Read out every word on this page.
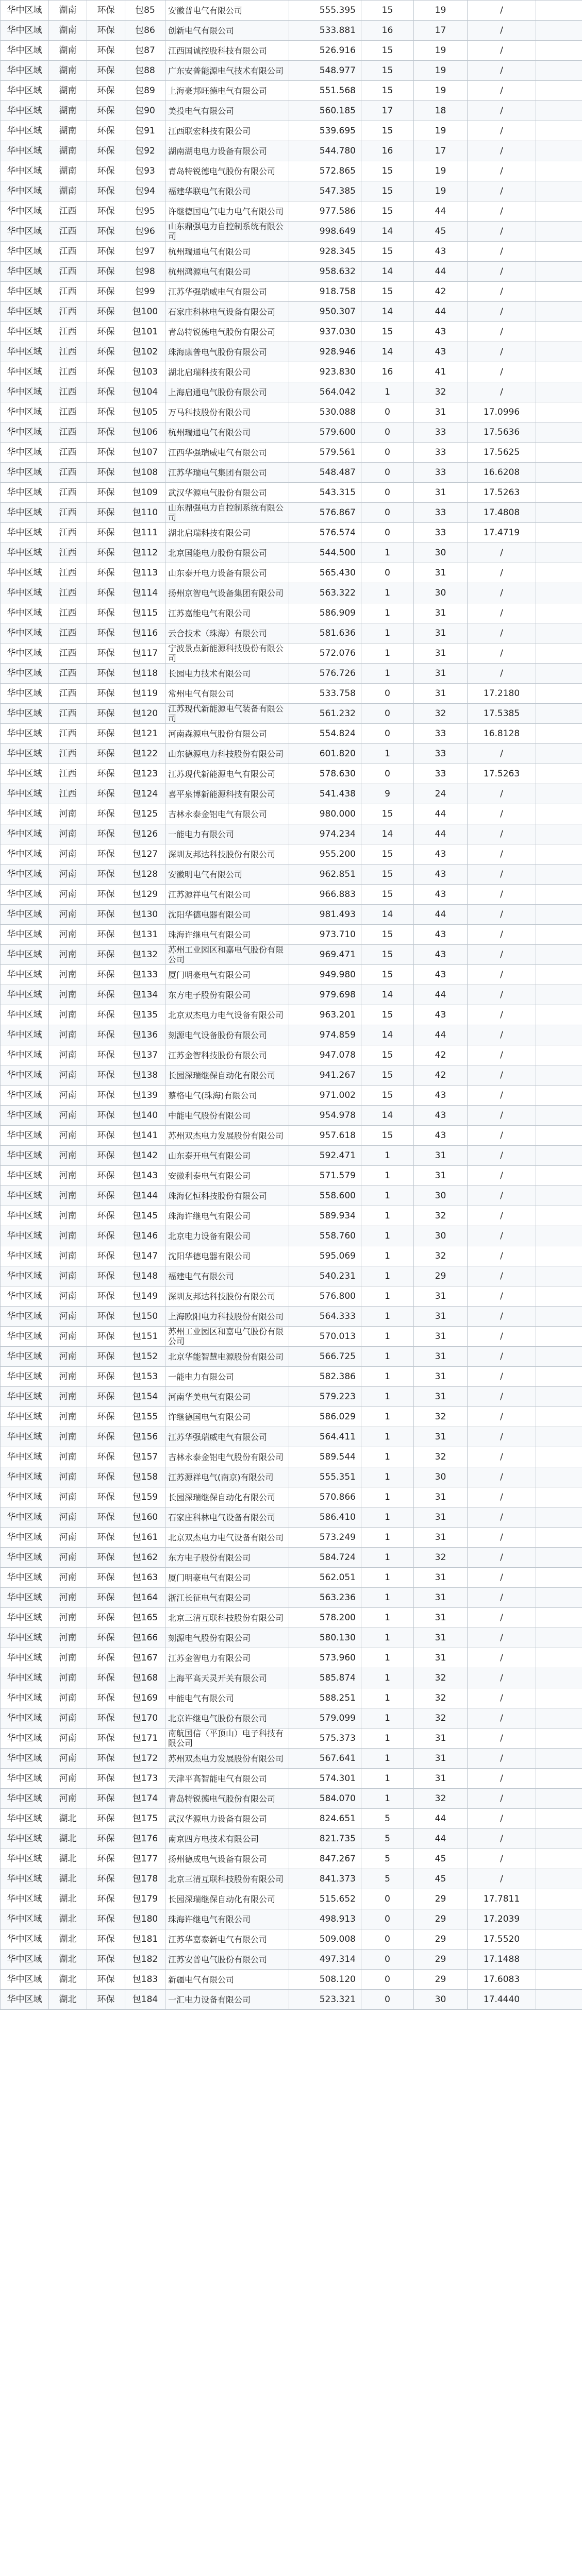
华中区域	湖南	环保	包85	安徽普电气有限公司	555.395	15	19	/	
华中区域	湖南	环保	包86	创新电气有限公司	533.881	16	17	/	
华中区域	湖南	环保	包87	江西国诚控股科技有限公司	526.916	15	19	/	
华中区域	湖南	环保	包88	广东安普能源电气技术有限公司	548.977	15	19	/	
华中区域	湖南	环保	包89	上海豪邦旺德电气有限公司	551.568	15	19	/	
华中区域	湖南	环保	包90	美投电气有限公司	560.185	17	18	/	
华中区域	湖南	环保	包91	江西联宏科技有限公司	539.695	15	19	/	
华中区域	湖南	环保	包92	湖南湖电电力设备有限公司	544.780	16	17	/	
华中区域	湖南	环保	包93	青岛特锐德电气股份有限公司	572.865	15	19	/	
华中区域	湖南	环保	包94	福建华联电气有限公司	547.385	15	19	/	
华中区域	江西	环保	包95	许继德国电气电力电气有限公司	977.586	15	44	/	
华中区域	江西	环保	包96	山东鼎强电力自控制系统有限公司	998.649	14	45	/	
华中区域	江西	环保	包97	杭州瑞通电气有限公司	928.345	15	43	/	
华中区域	江西	环保	包98	杭州鸿源电气有限公司	958.632	14	44	/	
华中区域	江西	环保	包99	江苏华强瑞威电气有限公司	918.758	15	42	/	
华中区域	江西	环保	包100	石家庄科林电气设备有限公司	950.307	14	44	/	
华中区域	江西	环保	包101	青岛特锐德电气股份有限公司	937.030	15	43	/	
华中区域	江西	环保	包102	珠海康普电气股份有限公司	928.946	14	43	/	
华中区域	江西	环保	包103	湖北启瑞科技有限公司	923.830	16	41	/	
华中区域	江西	环保	包104	上海启通电气股份有限公司	564.042	1	32	/	
华中区域	江西	环保	包105	万马科技股份有限公司	530.088	0	31	17.0996	
华中区域	江西	环保	包106	杭州瑞通电气有限公司	579.600	0	33	17.5636	
华中区域	江西	环保	包107	江西华强瑞威电气有限公司	579.561	0	33	17.5625	
华中区域	江西	环保	包108	江苏华瑞电气集团有限公司	548.487	0	33	16.6208	
华中区域	江西	环保	包109	武汉华源电气股份有限公司	543.315	0	31	17.5263	
华中区域	江西	环保	包110	山东鼎强电力自控制系统有限公司	576.867	0	33	17.4808	
华中区域	江西	环保	包111	湖北启瑞科技有限公司	576.574	0	33	17.4719	
华中区域	江西	环保	包112	北京国能电力股份有限公司	544.500	1	30	/	
华中区域	江西	环保	包113	山东泰开电力设备有限公司	565.430	0	31	/	
华中区域	江西	环保	包114	扬州京智电气设备集团有限公司	563.322	1	30	/	
华中区域	江西	环保	包115	江苏嘉能电气有限公司	586.909	1	31	/	
华中区域	江西	环保	包116	云合技术（珠海）有限公司	581.636	1	31	/	
华中区域	江西	环保	包117	宁波景点新能源科技股份有限公司	572.076	1	31	/	
华中区域	江西	环保	包118	长园电力技术有限公司	576.726	1	31	/	
华中区域	江西	环保	包119	常州电气有限公司	533.758	0	31	17.2180	
华中区域	江西	环保	包120	江苏现代新能源电气装备有限公司	561.232	0	32	17.5385	
华中区域	江西	环保	包121	河南森源电气股份有限公司	554.824	0	33	16.8128	
华中区域	江西	环保	包122	山东德源电力科技股份有限公司	601.820	1	33	/	
华中区域	江西	环保	包123	江苏现代新能源电气有限公司	578.630	0	33	17.5263	
华中区域	江西	环保	包124	喜平泉博新能源科技有限公司	541.438	9	24	/	
华中区域	河南	环保	包125	吉林永泰金铝电气有限公司	980.000	15	44	/	
华中区域	河南	环保	包126	一能电力有限公司	974.234	14	44	/	
华中区域	河南	环保	包127	深圳友邦达科技股份有限公司	955.200	15	43	/	
华中区域	河南	环保	包128	安徽明电气有限公司	962.851	15	43	/	
华中区域	河南	环保	包129	江苏源祥电气有限公司	966.883	15	43	/	
华中区域	河南	环保	包130	沈阳华德电器有限公司	981.493	14	44	/	
华中区域	河南	环保	包131	珠海许继电气有限公司	973.710	15	43	/	
华中区域	河南	环保	包132	苏州工业园区和嘉电气股份有限公司	969.471	15	43	/	
华中区域	河南	环保	包133	厦门明豪电气有限公司	949.980	15	43	/	
华中区域	河南	环保	包134	东方电子股份有限公司	979.698	14	44	/	
华中区域	河南	环保	包135	北京双杰电力电气设备有限公司	963.201	15	43	/	
华中区域	河南	环保	包136	刻源电气设备股份有限公司	974.859	14	44	/	
华中区域	河南	环保	包137	江苏金智科技股份有限公司	947.078	15	42	/	
华中区域	河南	环保	包138	长园深瑞继保自动化有限公司	941.267	15	42	/	
华中区域	河南	环保	包139	蔡格电气(珠海)有限公司	971.002	15	43	/	
华中区域	河南	环保	包140	中能电气股份有限公司	954.978	14	43	/	
华中区域	河南	环保	包141	苏州双杰电力发展股份有限公司	957.618	15	43	/	
华中区域	河南	环保	包142	山东泰开电气有限公司	592.471	1	31	/	
华中区域	河南	环保	包143	安徽利泰电气有限公司	571.579	1	31	/	
华中区域	河南	环保	包144	珠海亿恒科技股份有限公司	558.600	1	30	/	
华中区域	河南	环保	包145	珠海许继电气有限公司	589.934	1	32	/	
华中区域	河南	环保	包146	北京电力设备有限公司	558.760	1	30	/	
华中区域	河南	环保	包147	沈阳华德电器有限公司	595.069	1	32	/	
华中区域	河南	环保	包148	福建电气有限公司	540.231	1	29	/	
华中区域	河南	环保	包149	深圳友邦达科技股份有限公司	576.800	1	31	/	
华中区域	河南	环保	包150	上海欧阳电力科技股份有限公司	564.333	1	31	/	
华中区域	河南	环保	包151	苏州工业园区和嘉电气股份有限公司	570.013	1	31	/	
华中区域	河南	环保	包152	北京华能智慧电源股份有限公司	566.725	1	31	/	
华中区域	河南	环保	包153	一能电力有限公司	582.386	1	31	/	
华中区域	河南	环保	包154	河南华美电气有限公司	579.223	1	31	/	
华中区域	河南	环保	包155	许继德国电气有限公司	586.029	1	32	/	
华中区域	河南	环保	包156	江苏华强瑞威电气有限公司	564.411	1	31	/	
华中区域	河南	环保	包157	吉林永泰金铝电气股份有限公司	589.544	1	32	/	
华中区域	河南	环保	包158	江苏源祥电气(南京)有限公司	555.351	1	30	/	
华中区域	河南	环保	包159	长园深瑞继保自动化有限公司	570.866	1	31	/	
华中区域	河南	环保	包160	石家庄科林电气设备有限公司	586.410	1	31	/	
华中区域	河南	环保	包161	北京双杰电力电气设备有限公司	573.249	1	31	/	
华中区域	河南	环保	包162	东方电子股份有限公司	584.724	1	32	/	
华中区域	河南	环保	包163	厦门明豪电气有限公司	562.051	1	31	/	
华中区域	河南	环保	包164	浙江长征电气有限公司	563.236	1	31	/	
华中区域	河南	环保	包165	北京三清互联科技股份有限公司	578.200	1	31	/	
华中区域	河南	环保	包166	刻源电气股份有限公司	580.130	1	31	/	
华中区域	河南	环保	包167	江苏金智电力有限公司	573.960	1	31	/	
华中区域	河南	环保	包168	上海平高天灵开关有限公司	585.874	1	32	/	
华中区域	河南	环保	包169	中能电气有限公司	588.251	1	32	/	
华中区域	河南	环保	包170	北京许继电气股份有限公司	579.099	1	32	/	
华中区域	河南	环保	包171	南航国信（平顶山）电子科技有限公司	575.373	1	31	/	
华中区域	河南	环保	包172	苏州双杰电力发展股份有限公司	567.641	1	31	/	
华中区域	河南	环保	包173	天津平高智能电气有限公司	574.301	1	31	/	
华中区域	河南	环保	包174	青岛特锐德电气股份有限公司	584.070	1	32	/	
华中区域	湖北	环保	包175	武汉华源电力设备有限公司	824.651	5	44	/	
华中区域	湖北	环保	包176	南京四方电技术有限公司	821.735	5	44	/	
华中区域	湖北	环保	包177	扬州德成电气设备有限公司	847.267	5	45	/	
华中区域	湖北	环保	包178	北京三清互联科技股份有限公司	841.373	5	45	/	
华中区域	湖北	环保	包179	长园深瑞继保自动化有限公司	515.652	0	29	17.7811	
华中区域	湖北	环保	包180	珠海许继电气有限公司	498.913	0	29	17.2039	
华中区域	湖北	环保	包181	江苏华嘉泰新电气有限公司	509.008	0	29	17.5520	
华中区域	湖北	环保	包182	江苏安普电气股份有限公司	497.314	0	29	17.1488	
华中区域	湖北	环保	包183	新疆电气有限公司	508.120	0	29	17.6083	
华中区域	湖北	环保	包184	一汇电力设备有限公司	523.321	0	30	17.4440	
